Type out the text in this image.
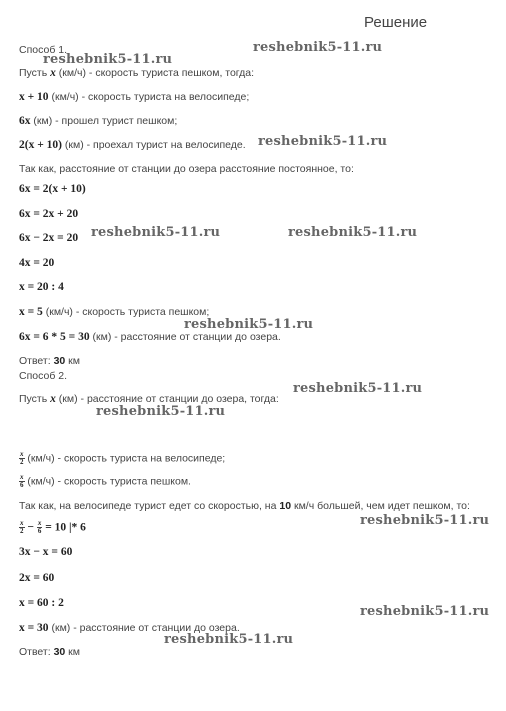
Решение
Способ 1.
Пусть x (км/ч) - скорость туриста пешком, тогда:
x + 10 (км/ч) - скорость туриста на велосипеде;
6x (км) - прошел турист пешком;
2(x + 10) (км) - проехал турист на велосипеде.
Так как, расстояние от станции до озера расстояние постоянное, то:
6x = 2(x + 10)
6x = 2x + 20
6x − 2x = 20
4x = 20
x = 20 : 4
x = 5 (км/ч) - скорость туриста пешком;
6x = 6 * 5 = 30 (км) - расстояние от станции до озера.
Ответ: 30 км
Способ 2.
Пусть x (км) - расстояние от станции до озера, тогда:
$\frac{x}{2} (км/ч)$ - скорость туриста на велосипеде;
$\frac{x}{6} (км/ч)$ - скорость туриста пешком.
Так как, на велосипеде турист едет со скоростью, на 10 км/ч большей, чем идет пешком, то:
$\frac{x}{2} - \frac{x}{6} = 10$ |* 6
3x − x = 60
2x = 60
x = 60 : 2
x = 30 (км) - расстояние от станции до озера.
Ответ: 30 км
reshebnik5-11.ru
reshebnik5-11.ru
reshebnik5-11.ru
reshebnik5-11.ru	reshebnik5-11.ru
reshebnik5-11.ru
reshebnik5-11.ru
reshebnik5-11.ru
reshebnik5-11.ru
reshebnik5-11.ru
reshebnik5-11.ru
